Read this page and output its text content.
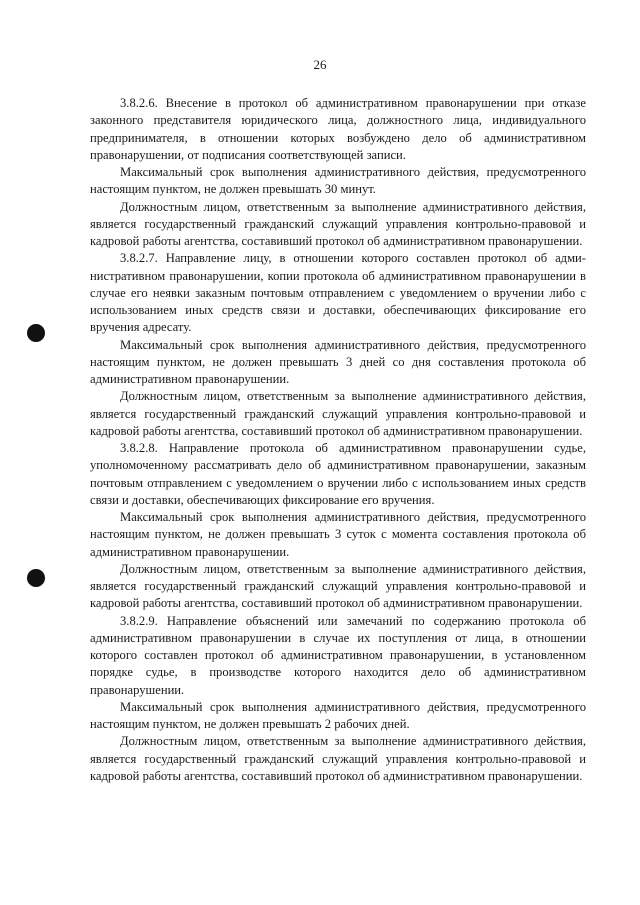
26

3.8.2.6. Внесение в протокол об административном правонарушении при отказе законного представителя юридического лица, должностного лица, индивидуального предпринимателя, в отношении которых возбуждено дело об административном правонарушении, от подписания соответствующей записи.

Максимальный срок выполнения административного действия, предусмотренного настоящим пунктом, не должен превышать 30 минут.

Должностным лицом, ответственным за выполнение административного действия, является государственный гражданский служащий управления контрольно-правовой и кадровой работы агентства, составивший протокол об административном правонарушении.

3.8.2.7. Направление лицу, в отношении которого составлен протокол об административном правонарушении, копии протокола об административном правонарушении в случае его неявки заказным почтовым отправлением с уведомлением о вручении либо с использованием иных средств связи и доставки, обеспечивающих фиксирование его вручения адресату.

Максимальный срок выполнения административного действия, предусмотренного настоящим пунктом, не должен превышать 3 дней со дня составления протокола об административном правонарушении.

Должностным лицом, ответственным за выполнение административного действия, является государственный гражданский служащий управления контрольно-правовой и кадровой работы агентства, составивший протокол об административном правонарушении.

3.8.2.8. Направление протокола об административном правонарушении судье, уполномоченному рассматривать дело об административном правонарушении, заказным почтовым отправлением с уведомлением о вручении либо с использованием иных средств связи и доставки, обеспечивающих фиксирование его вручения.

Максимальный срок выполнения административного действия, предусмотренного настоящим пунктом, не должен превышать 3 суток с момента составления протокола об административном правонарушении.

Должностным лицом, ответственным за выполнение административного действия, является государственный гражданский служащий управления контрольно-правовой и кадровой работы агентства, составивший протокол об административном правонарушении.

3.8.2.9. Направление объяснений или замечаний по содержанию протокола об административном правонарушении в случае их поступления от лица, в отношении которого составлен протокол об административном правонарушении, в установленном порядке судье, в производстве которого находится дело об административном правонарушении.

Максимальный срок выполнения административного действия, предусмотренного настоящим пунктом, не должен превышать 2 рабочих дней.

Должностным лицом, ответственным за выполнение административного действия, является государственный гражданский служащий управления контрольно-правовой и кадровой работы агентства, составивший протокол об административном правонарушении.
